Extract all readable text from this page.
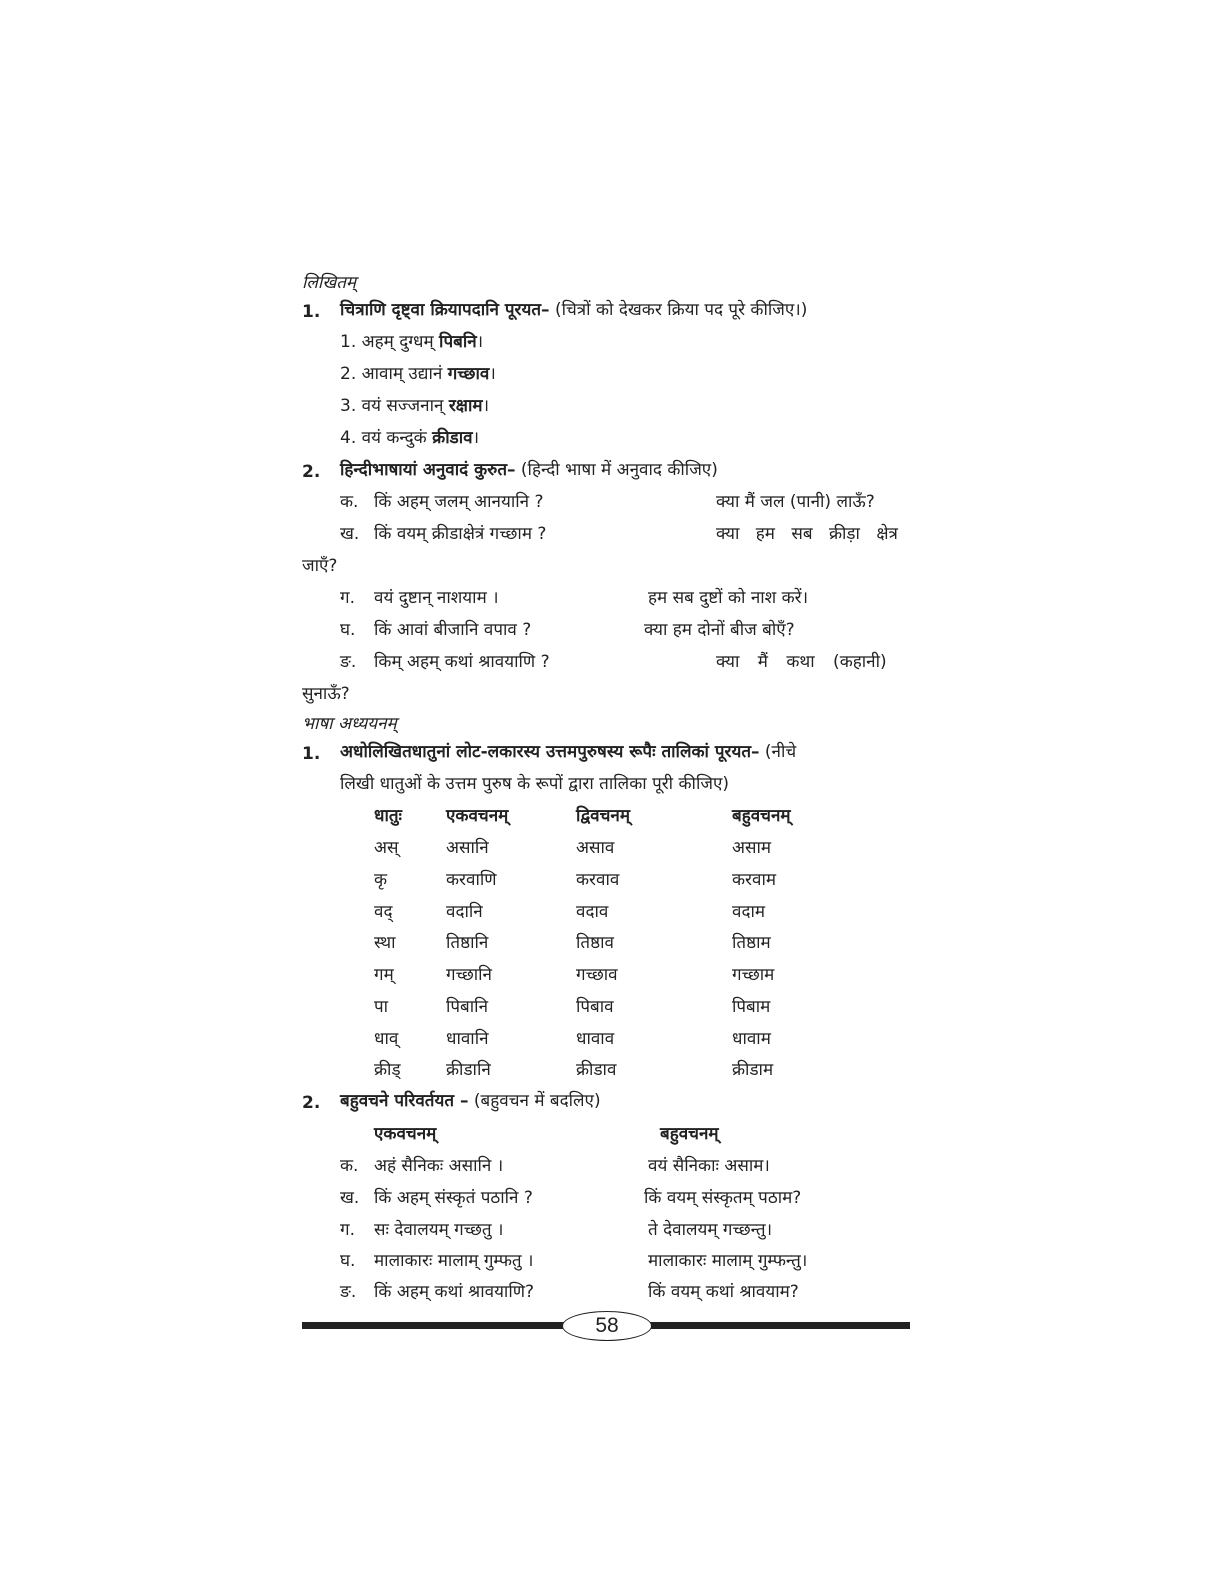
लिखितम्
1. चित्राणि दृष्ट्वा क्रियापदानि पूरयत– (चित्रों को देखकर क्रिया पद पूरे कीजिए।)
1. अहम् दुग्धम् पिबनि।
2. आवाम् उद्यानं गच्छाव।
3. वयं सज्जनान् रक्षाम।
4. वयं कन्दुकं क्रीडाव।
2. हिन्दीभाषायां अनुवादं कुरुत– (हिन्दी भाषा में अनुवाद कीजिए)
क. किं अहम् जलम् आनयानि ?	क्या मैं जल (पानी) लाऊँ?
ख. किं वयम् क्रीडाक्षेत्रं गच्छाम ?	क्या हम सब क्रीड़ा क्षेत्र
जाएँ?
ग. वयं दुष्टान् नाशयाम ।	हम सब दुष्टों को नाश करें।
घ. किं आवां बीजानि वपाव ?	क्या हम दोनों बीज बोएँ?
ङ. किम् अहम् कथां श्रावयाणि ?	क्या मैं कथा (कहानी)
सुनाऊँ?
भाषा अध्ययनम्
1. अधोलिखितधातुनां लोट-लकारस्य उत्तमपुरुषस्य रूपैः तालिकां पूरयत– (नीचे
लिखी धातुओं के उत्तम पुरुष के रूपों द्वारा तालिका पूरी कीजिए)
धातुः	एकवचनम्	द्विवचनम्	बहुवचनम्
अस्	असानि	असाव	असाम
कृ	करवाणि	करवाव	करवाम
वद्	वदानि	वदाव	वदाम
स्था	तिष्ठानि	तिष्ठाव	तिष्ठाम
गम्	गच्छानि	गच्छाव	गच्छाम
पा	पिबानि	पिबाव	पिबाम
धाव्	धावानि	धावाव	धावाम
क्रीड्	क्रीडानि	क्रीडाव	क्रीडाम
2. बहुवचने परिवर्तयत – (बहुवचन में बदलिए)
एकवचनम्	बहुवचनम्
क. अहं सैनिकः असानि ।	वयं सैनिकाः असाम।
ख. किं अहम् संस्कृतं पठानि ?	किं वयम् संस्कृतम् पठाम?
ग. सः देवालयम् गच्छतु ।	ते देवालयम् गच्छन्तु।
घ. मालाकारः मालाम् गुम्फतु ।	मालाकारः मालाम् गुम्फन्तु।
ङ. किं अहम् कथां श्रावयाणि?	किं वयम् कथां श्रावयाम?
58
